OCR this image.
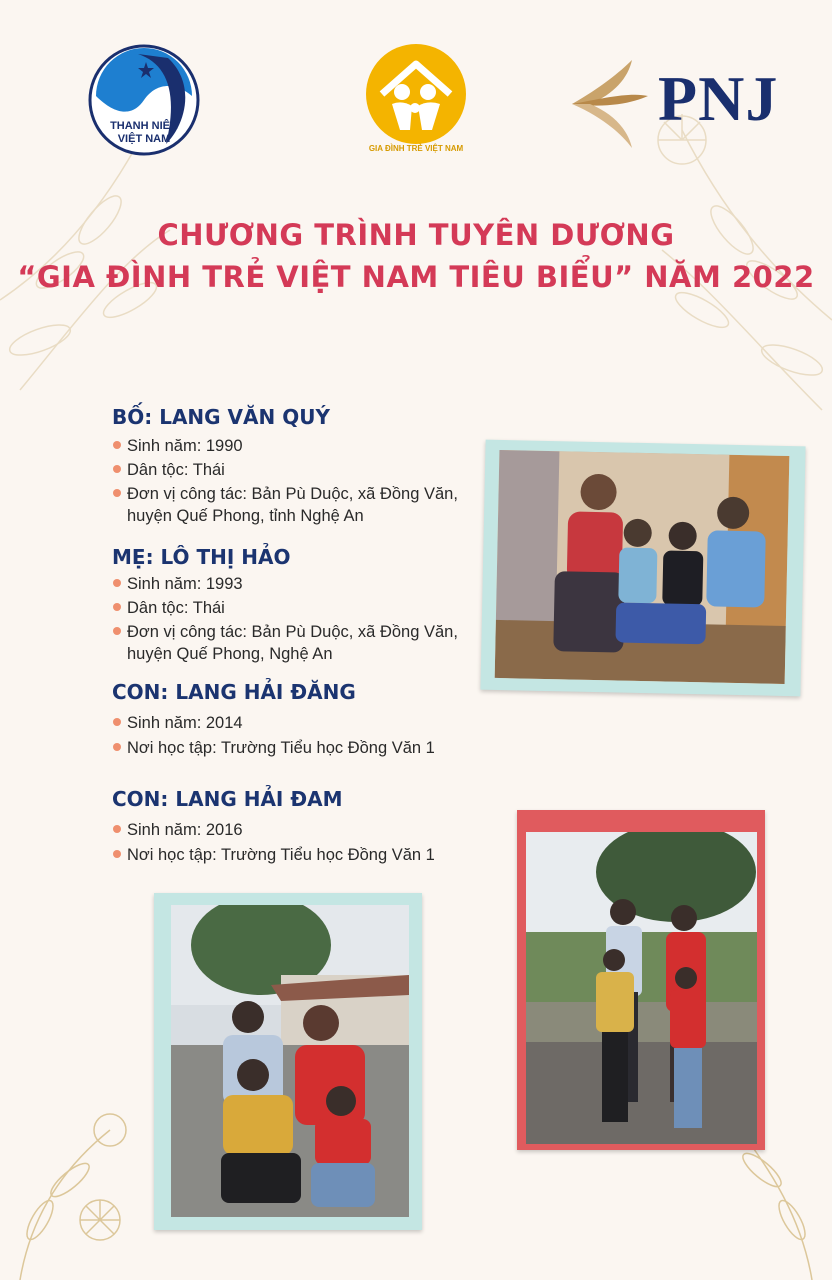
THANH NIÊN
VIỆT NAM
GIA ĐÌNH TRẺ VIỆT NAM
PNJ
CHƯƠNG TRÌNH TUYÊN DƯƠNG
“GIA ĐÌNH TRẺ VIỆT NAM TIÊU BIỂU” NĂM 2022
BỐ: LANG VĂN QUÝ
Sinh năm: 1990
Dân tộc: Thái
Đơn vị công tác: Bản Pù Duộc, xã Đồng Văn,
huyện Quế Phong, tỉnh Nghệ An
MẸ: LÔ THỊ HẢO
Sinh năm: 1993
Dân tộc: Thái
Đơn vị công tác: Bản Pù Duộc, xã Đồng Văn,
huyện Quế Phong, Nghệ An
CON: LANG HẢI ĐĂNG
Sinh năm: 2014
Nơi học tập: Trường Tiểu học Đồng Văn 1
CON: LANG HẢI ĐAM
Sinh năm: 2016
Nơi học tập: Trường Tiểu học Đồng Văn 1
